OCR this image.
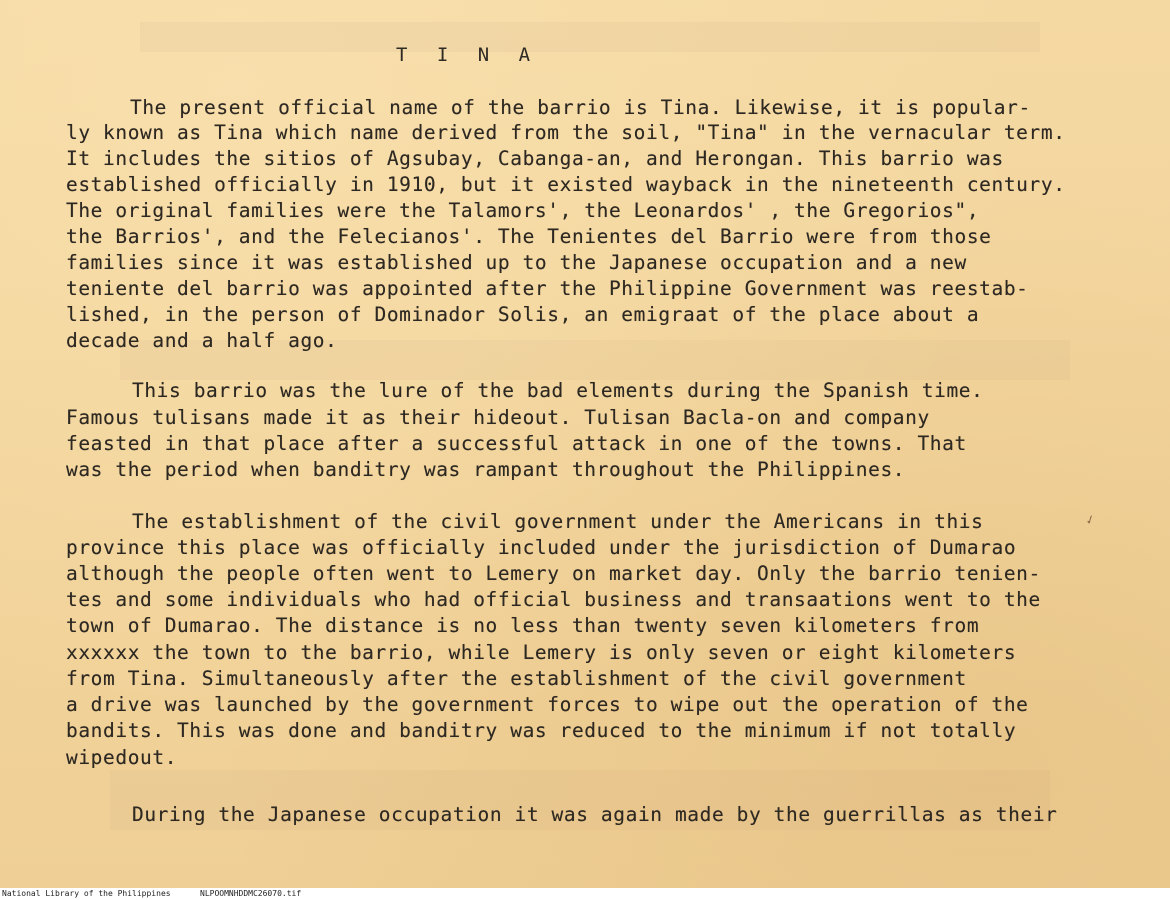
T I N A
The present official name of the barrio is Tina. Likewise, it is popular-
ly known as Tina which name derived from the soil, "Tina" in the vernacular term.
It includes the sitios of Agsubay, Cabanga-an, and Herongan. This barrio was
established officially in 1910, but it existed wayback in the nineteenth century.
The original families were the Talamors', the Leonardos' , the Gregorios",
the Barrios', and the Felecianos'. The Tenientes del Barrio were from those
families since it was established up to the Japanese occupation and a new
teniente del barrio was appointed after the Philippine Government was reestab-
lished, in the person of Dominador Solis, an emigraat of the place about a
decade and a half ago.
This barrio was the lure of the bad elements during the Spanish time.
Famous tulisans made it as their hideout. Tulisan Bacla-on and company
feasted in that place after a successful attack in one of the towns. That
was the period when banditry was rampant throughout the Philippines.
The establishment of the civil government under the Americans in this
province this place was officially included under the jurisdiction of Dumarao
although the people often went to Lemery on market day. Only the barrio tenien-
tes and some individuals who had official business and transaations went to the
town of Dumarao. The distance is no less than twenty seven kilometers from
xxxxxx the town to the barrio, while Lemery is only seven or eight kilometers
from Tina. Simultaneously after the establishment of the civil government
a drive was launched by the government forces to wipe out the operation of the
bandits. This was done and banditry was reduced to the minimum if not totally
wipedout.
During the Japanese occupation it was again made by the guerrillas as their
✓
National Library of the Philippines	NLPOOMNHDDMC26070.tif
